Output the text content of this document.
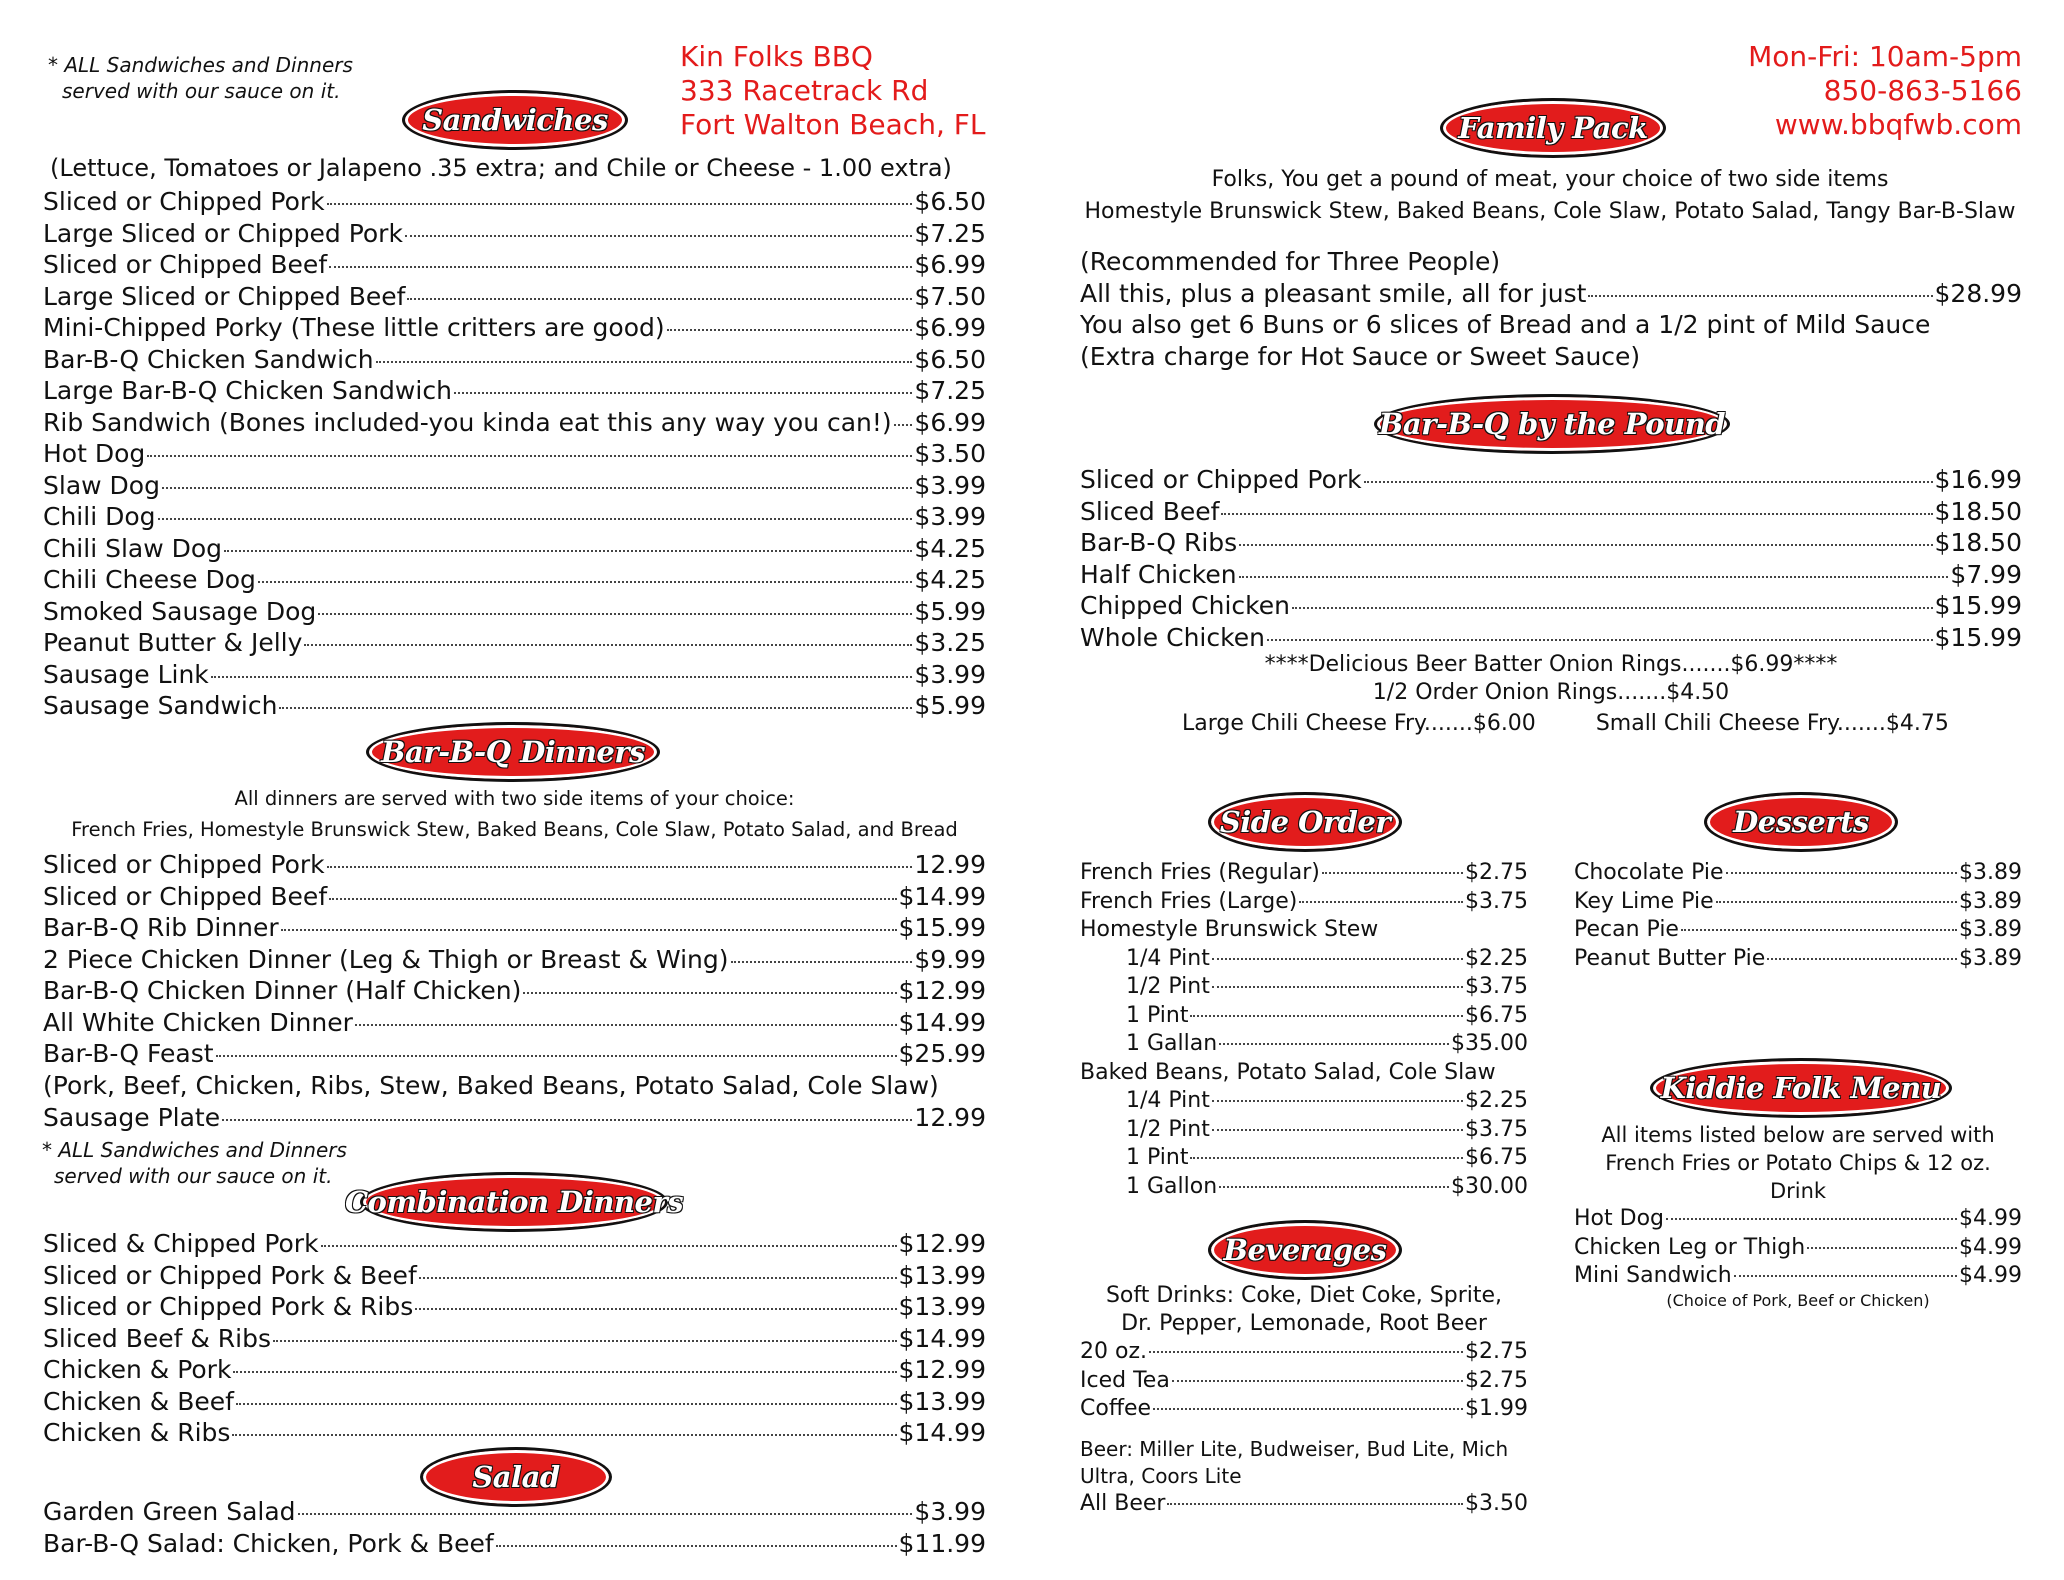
* ALL Sandwiches and Dinners
served with our sauce on it.
Sandwiches
Kin Folks BBQ
333 Racetrack Rd
Fort Walton Beach, FL
(Lettuce, Tomatoes or Jalapeno .35 extra; and Chile or Cheese - 1.00 extra)
Sliced or Chipped Pork	$6.50
Large Sliced or Chipped Pork	$7.25
Sliced or Chipped Beef	$6.99
Large Sliced or Chipped Beef	$7.50
Mini-Chipped Porky (These little critters are good)	$6.99
Bar-B-Q Chicken Sandwich	$6.50
Large Bar-B-Q Chicken Sandwich	$7.25
Rib Sandwich (Bones included-you kinda eat this any way you can!) $6.99
Hot Dog	$3.50
Slaw Dog	$3.99
Chili Dog	$3.99
Chili Slaw Dog	$4.25
Chili Cheese Dog	$4.25
Smoked Sausage Dog	$5.99
Peanut Butter & Jelly	$3.25
Sausage Link	$3.99
Sausage Sandwich	$5.99
Bar-B-Q Dinners
All dinners are served with two side items of your choice:
French Fries, Homestyle Brunswick Stew, Baked Beans, Cole Slaw, Potato Salad, and Bread
Sliced or Chipped Pork	12.99
Sliced or Chipped Beef	$14.99
Bar-B-Q Rib Dinner	$15.99
2 Piece Chicken Dinner (Leg & Thigh or Breast & Wing)	$9.99
Bar-B-Q Chicken Dinner (Half Chicken)	$12.99
All White Chicken Dinner	$14.99
Bar-B-Q Feast	$25.99
(Pork, Beef, Chicken, Ribs, Stew, Baked Beans, Potato Salad, Cole Slaw)
Sausage Plate	12.99
* ALL Sandwiches and Dinners
served with our sauce on it.
Combination Dinners
Sliced & Chipped Pork	$12.99
Sliced or Chipped Pork & Beef	$13.99
Sliced or Chipped Pork & Ribs	$13.99
Sliced Beef & Ribs	$14.99
Chicken & Pork	$12.99
Chicken & Beef	$13.99
Chicken & Ribs	$14.99
Salad
Garden Green Salad	$3.99
Bar-B-Q Salad: Chicken, Pork & Beef	$11.99
Mon-Fri: 10am-5pm
850-863-5166
www.bbqfwb.com
Family Pack
Folks, You get a pound of meat, your choice of two side items
Homestyle Brunswick Stew, Baked Beans, Cole Slaw, Potato Salad, Tangy Bar-B-Slaw
(Recommended for Three People)
All this, plus a pleasant smile, all for just	$28.99
You also get 6 Buns or 6 slices of Bread and a 1/2 pint of Mild Sauce
(Extra charge for Hot Sauce or Sweet Sauce)
Bar-B-Q by the Pound
Sliced or Chipped Pork	$16.99
Sliced Beef	$18.50
Bar-B-Q Ribs	$18.50
Half Chicken	$7.99
Chipped Chicken	$15.99
Whole Chicken	$15.99
****Delicious Beer Batter Onion Rings.......$6.99****
1/2 Order Onion Rings.......$4.50
Large Chili Cheese Fry.......$6.00	Small Chili Cheese Fry.......$4.75
Side Order
French Fries (Regular)	$2.75
French Fries (Large)	$3.75
Homestyle Brunswick Stew
1/4 Pint	$2.25
1/2 Pint	$3.75
1 Pint	$6.75
1 Gallan	$35.00
Baked Beans, Potato Salad, Cole Slaw
1/4 Pint	$2.25
1/2 Pint	$3.75
1 Pint	$6.75
1 Gallon	$30.00
Beverages
Soft Drinks: Coke, Diet Coke, Sprite,
Dr. Pepper, Lemonade, Root Beer
20 oz.	$2.75
Iced Tea	$2.75
Coffee	$1.99
Beer: Miller Lite, Budweiser, Bud Lite, Mich
Ultra, Coors Lite
All Beer	$3.50
Desserts
Chocolate Pie	$3.89
Key Lime Pie	$3.89
Pecan Pie	$3.89
Peanut Butter Pie	$3.89
Kiddie Folk Menu
All items listed below are served with
French Fries or Potato Chips & 12 oz.
Drink
Hot Dog	$4.99
Chicken Leg or Thigh	$4.99
Mini Sandwich	$4.99
(Choice of Pork, Beef or Chicken)
